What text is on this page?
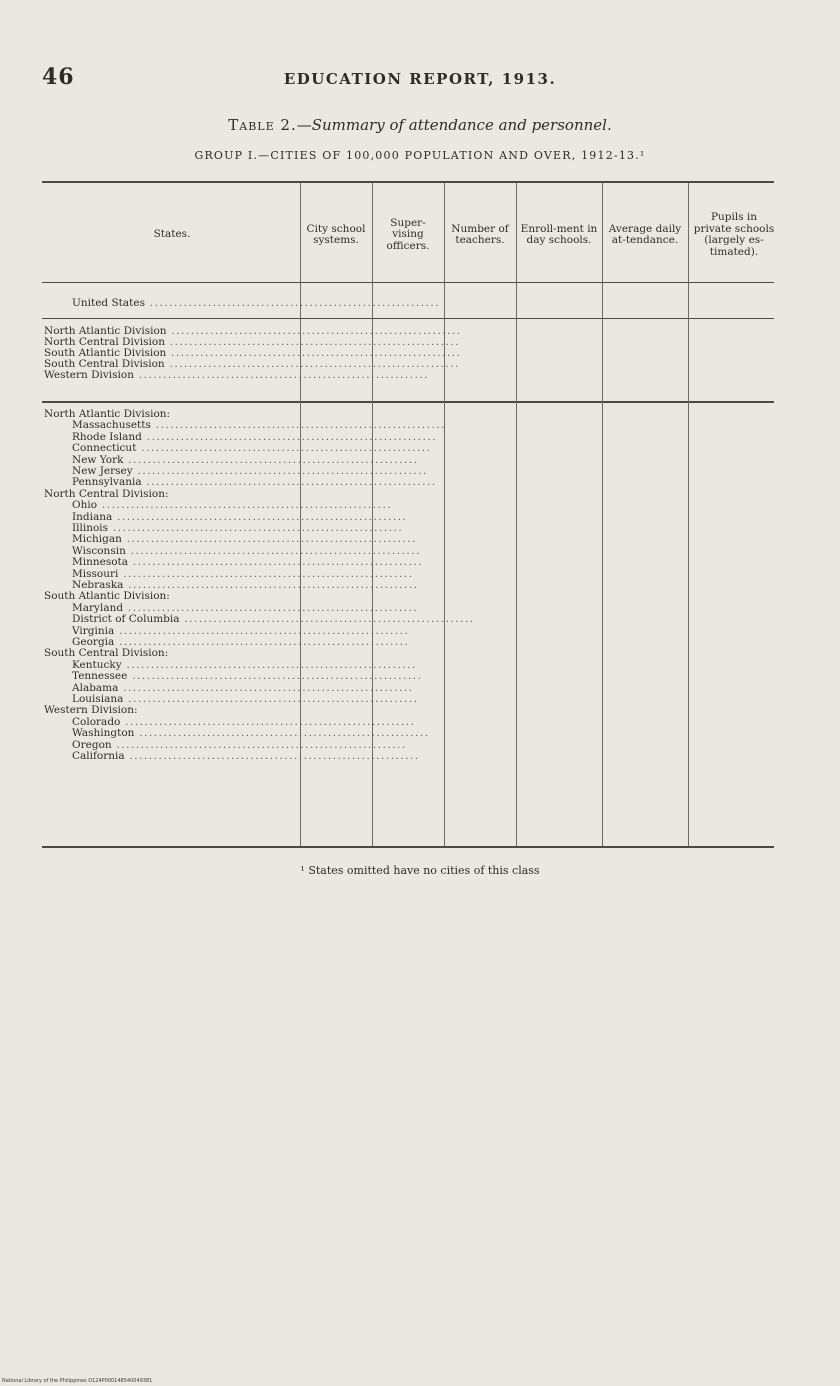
46	EDUCATION REPORT, 1913.
Table 2.—Summary of attendance and personnel.
GROUP I.—CITIES OF 100,000 POPULATION AND OVER, 1912-13.¹
States.	City school systems.
Super-vising officers.
Number of teachers.
Enroll-ment in day schools.
Average daily at-tendance.
Pupils in private schools (largely es-timated).
United States ............................................................
North Atlantic Division ............................................................
North Central Division ............................................................
South Atlantic Division ............................................................
South Central Division ............................................................
Western Division ............................................................
North Atlantic Division:
Massachusetts ............................................................
Rhode Island ............................................................
Connecticut ............................................................
New York ............................................................
New Jersey ............................................................
Pennsylvania ............................................................
North Central Division:
Ohio ............................................................
Indiana ............................................................
Illinois ............................................................
Michigan ............................................................
Wisconsin ............................................................
Minnesota ............................................................
Missouri ............................................................
Nebraska ............................................................
South Atlantic Division:
Maryland ............................................................
District of Columbia ............................................................
Virginia ............................................................
Georgia ............................................................
South Central Division:
Kentucky ............................................................
Tennessee ............................................................
Alabama ............................................................
Louisiana ............................................................
Western Division:
Colorado ............................................................
Washington ............................................................
Oregon ............................................................
California ............................................................
¹ States omitted have no cities of this class
National Library of the Philippines D124P000148540049381
